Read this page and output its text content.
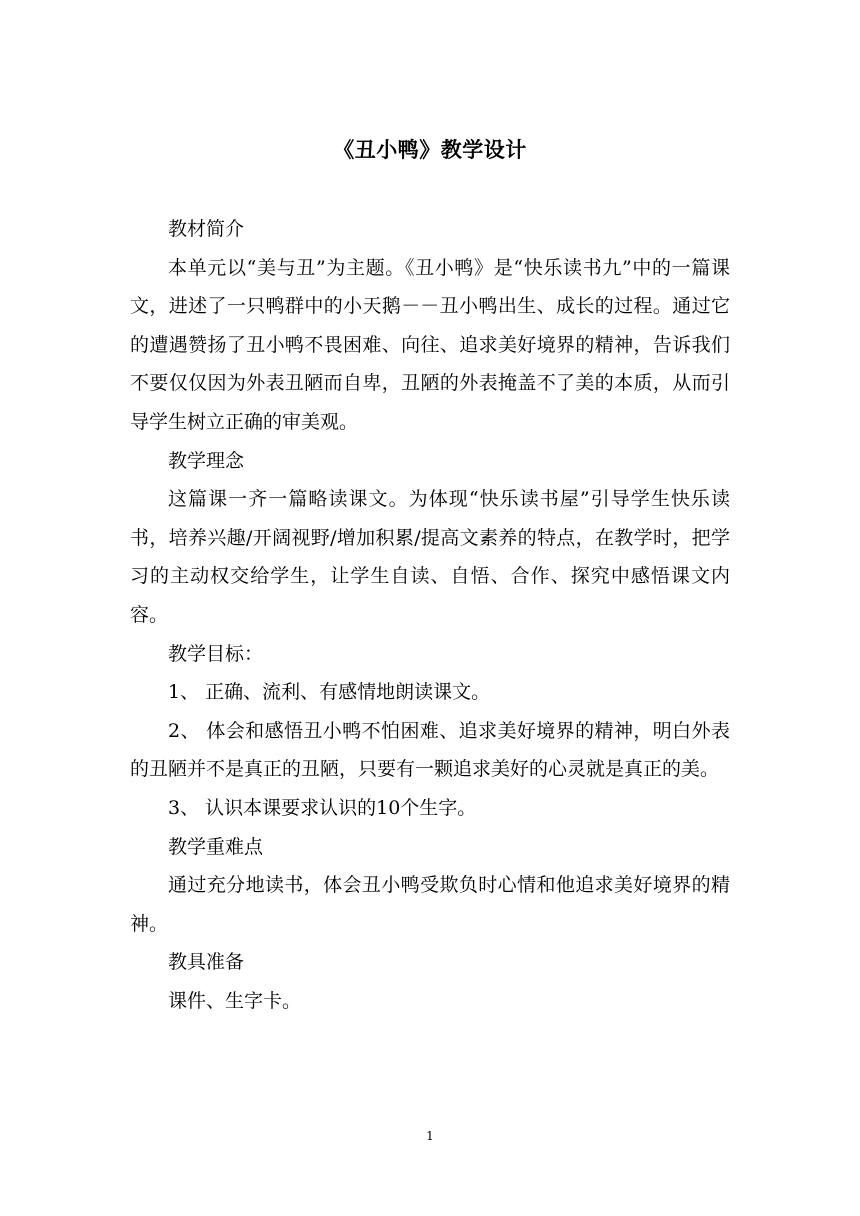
《丑小鸭》教学设计

教材简介

本单元以“美与丑”为主题。《丑小鸭》是“快乐读书九”中的一篇课文，进述了一只鸭群中的小天鹅－－丑小鸭出生、成长的过程。通过它的遭遇赞扬了丑小鸭不畏困难、向往、追求美好境界的精神，告诉我们不要仅仅因为外表丑陋而自卑，丑陋的外表掩盖不了美的本质，从而引导学生树立正确的审美观。

教学理念

这篇课一齐一篇略读课文。为体现“快乐读书屋”引导学生快乐读书，培养兴趣/开阔视野/增加积累/提高文素养的特点，在教学时，把学习的主动权交给学生，让学生自读、自悟、合作、探究中感悟课文内容。

教学目标：

1、 正确、流利、有感情地朗读课文。

2、 体会和感悟丑小鸭不怕困难、追求美好境界的精神，明白外表的丑陋并不是真正的丑陋，只要有一颗追求美好的心灵就是真正的美。

3、 认识本课要求认识的10个生字。

教学重难点

通过充分地读书，体会丑小鸭受欺负时心情和他追求美好境界的精神。

教具准备

课件、生字卡。

1
